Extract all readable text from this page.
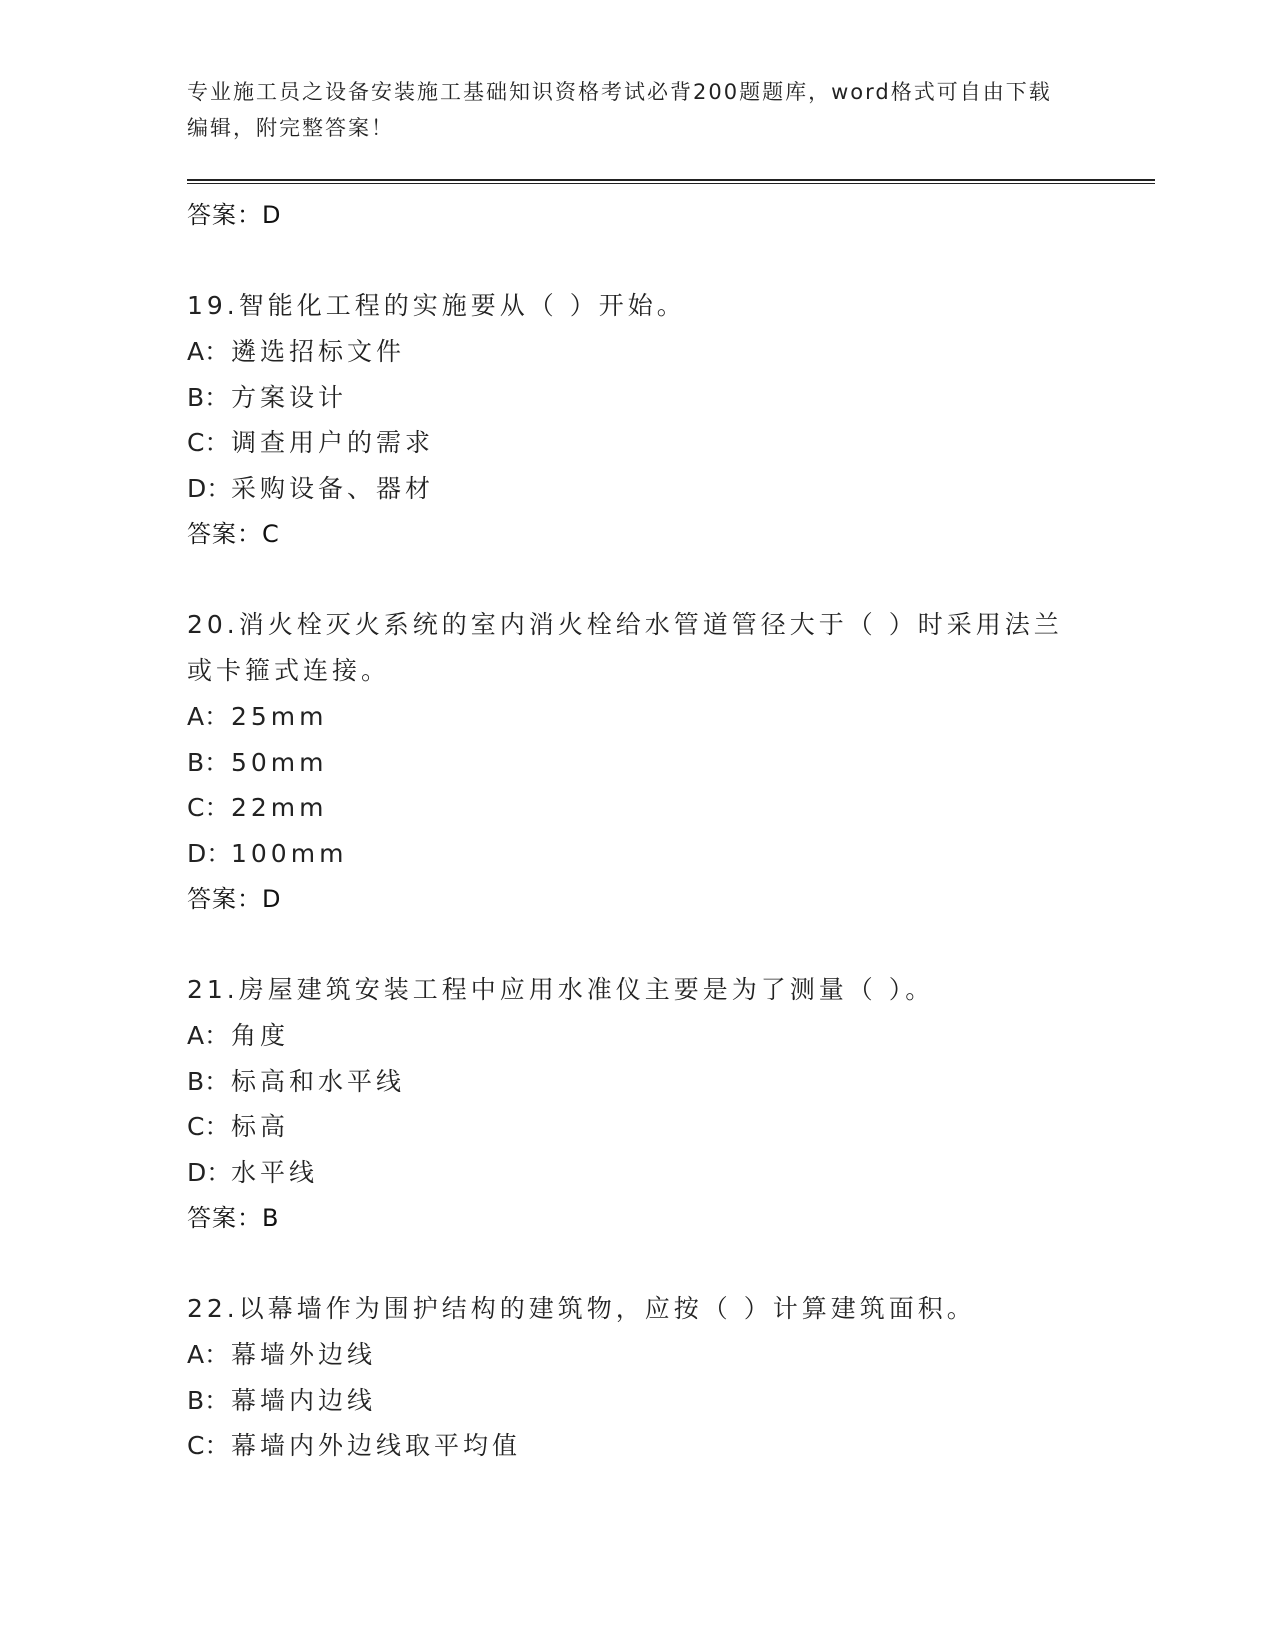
专业施工员之设备安装施工基础知识资格考试必背200题题库，word格式可自由下载编辑，附完整答案！
答案：D
19.智能化工程的实施要从（ ）开始。
A：遴选招标文件
B：方案设计
C：调查用户的需求
D：采购设备、器材
答案：C
20.消火栓灭火系统的室内消火栓给水管道管径大于（ ）时采用法兰或卡箍式连接。
A：25mm
B：50mm
C：22mm
D：100mm
答案：D
21.房屋建筑安装工程中应用水准仪主要是为了测量（ ）。
A：角度
B：标高和水平线
C：标高
D：水平线
答案：B
22.以幕墙作为围护结构的建筑物，应按（ ）计算建筑面积。
A：幕墙外边线
B：幕墙内边线
C：幕墙内外边线取平均值
